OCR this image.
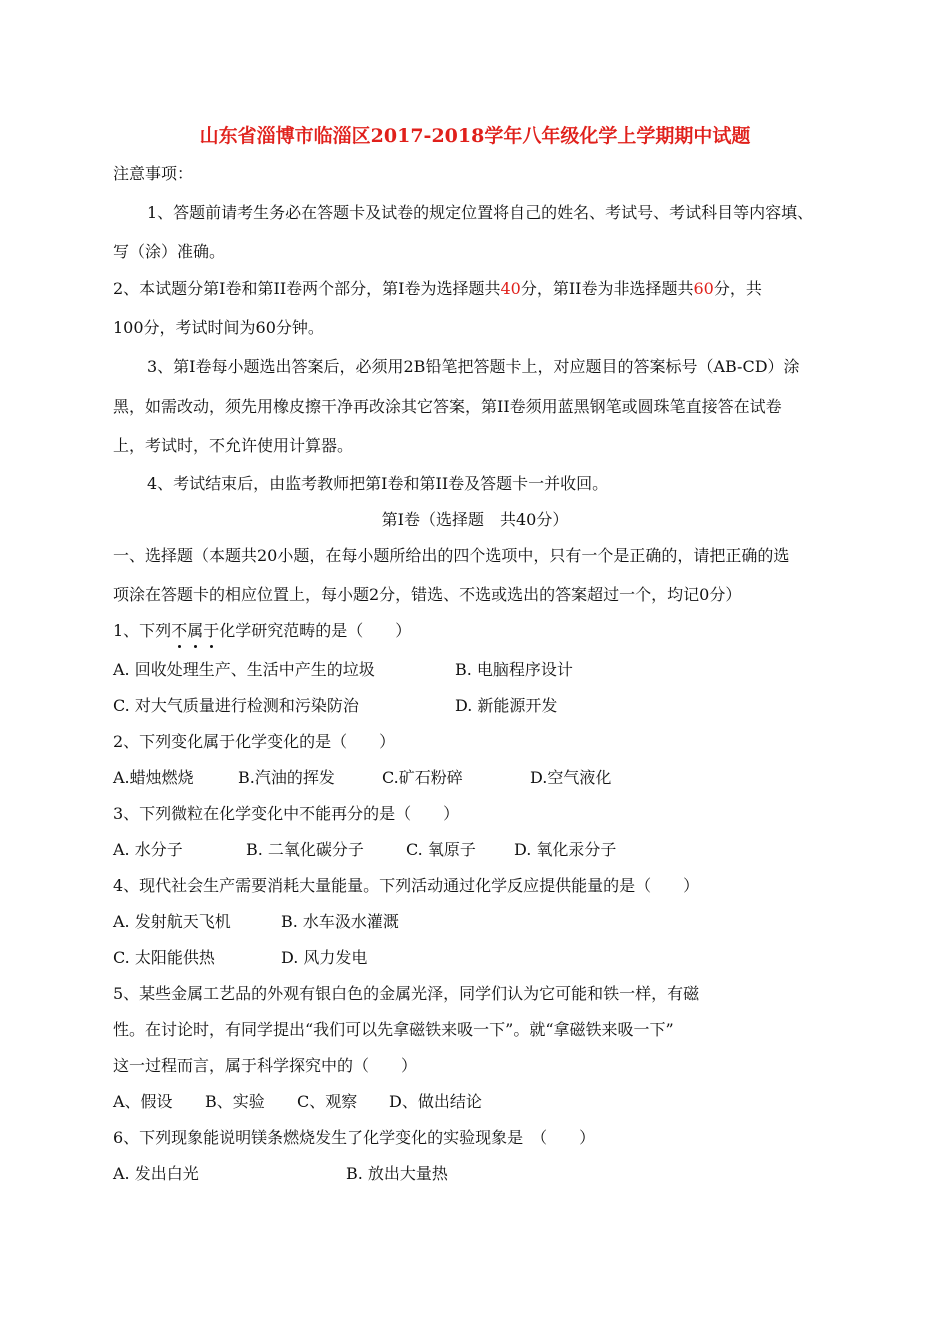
山东省淄博市临淄区2017-2018学年八年级化学上学期期中试题
注意事项：
1、答题前请考生务必在答题卡及试卷的规定位置将自己的姓名、考试号、考试科目等内容填、
写（涂）准确。
2、本试题分第Ⅰ卷和第II卷两个部分，第Ⅰ卷为选择题共40分，第II卷为非选择题共60分，共
100分，考试时间为60分钟。
3、第Ⅰ卷每小题选出答案后，必须用2B铅笔把答题卡上，对应题目的答案标号（AB-CD）涂
黑，如需改动，须先用橡皮擦干净再改涂其它答案，第II卷须用蓝黑钢笔或圆珠笔直接答在试卷
上，考试时，不允许使用计算器。
4、考试结束后，由监考教师把第Ⅰ卷和第II卷及答题卡一并收回。
第Ⅰ卷（选择题　共40分）
一、选择题（本题共20小题，在每小题所给出的四个选项中，只有一个是正确的，请把正确的选
项涂在答题卡的相应位置上，每小题2分，错选、不选或选出的答案超过一个，均记0分）
1、下列不属于化学研究范畴的是（　　）
A. 回收处理生产、生活中产生的垃圾	B. 电脑程序设计
C. 对大气质量进行检测和污染防治	D. 新能源开发
2、下列变化属于化学变化的是（　　）
A.蜡烛燃烧	B.汽油的挥发	C.矿石粉碎	D.空气液化
3、下列微粒在化学变化中不能再分的是（　　）
A. 水分子	B. 二氧化碳分子	C. 氧原子 D. 氧化汞分子
4、现代社会生产需要消耗大量能量。下列活动通过化学反应提供能量的是（　　）
A. 发射航天飞机	B. 水车汲水灌溉
C. 太阳能供热	D. 风力发电
5、某些金属工艺品的外观有银白色的金属光泽，同学们认为它可能和铁一样，有磁
性。在讨论时，有同学提出“我们可以先拿磁铁来吸一下”。就“拿磁铁来吸一下”
这一过程而言，属于科学探究中的（　　）
A、假设 B、实验 C、观察 D、做出结论
6、下列现象能说明镁条燃烧发生了化学变化的实验现象是　（　　）
A. 发出白光	B. 放出大量热
